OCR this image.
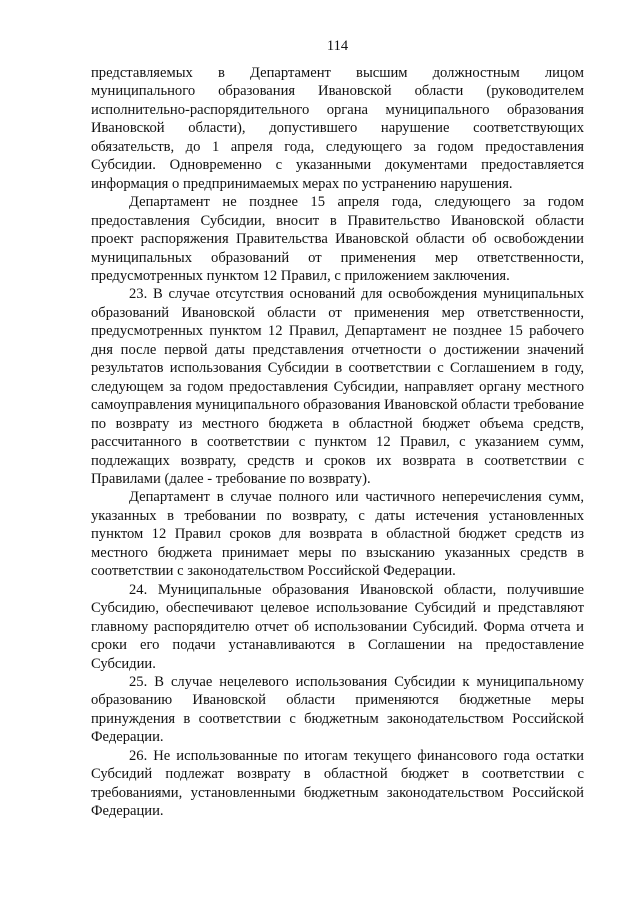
114

представляемых в Департамент высшим должностным лицом муниципального образования Ивановской области (руководителем исполнительно-распорядительного органа муниципального образования Ивановской области), допустившего нарушение соответствующих обязательств, до 1 апреля года, следующего за годом предоставления Субсидии. Одновременно с указанными документами предоставляется информация о предпринимаемых мерах по устранению нарушения.

Департамент не позднее 15 апреля года, следующего за годом предоставления Субсидии, вносит в Правительство Ивановской области проект распоряжения Правительства Ивановской области об освобождении муниципальных образований от применения мер ответственности, предусмотренных пунктом 12 Правил, с приложением заключения.

23. В случае отсутствия оснований для освобождения муниципальных образований Ивановской области от применения мер ответственности, предусмотренных пунктом 12 Правил, Департамент не позднее 15 рабочего дня после первой даты представления отчетности о достижении значений результатов использования Субсидии в соответствии с Соглашением в году, следующем за годом предоставления Субсидии, направляет органу местного самоуправления муниципального образования Ивановской области требование по возврату из местного бюджета в областной бюджет объема средств, рассчитанного в соответствии с пунктом 12 Правил, с указанием сумм, подлежащих возврату, средств и сроков их возврата в соответствии с Правилами (далее - требование по возврату).

Департамент в случае полного или частичного неперечисления сумм, указанных в требовании по возврату, с даты истечения установленных пунктом 12 Правил сроков для возврата в областной бюджет средств из местного бюджета принимает меры по взысканию указанных средств в соответствии с законодательством Российской Федерации.

24. Муниципальные образования Ивановской области, получившие Субсидию, обеспечивают целевое использование Субсидий и представляют главному распорядителю отчет об использовании Субсидий. Форма отчета и сроки его подачи устанавливаются в Соглашении на предоставление Субсидии.

25. В случае нецелевого использования Субсидии к муниципальному образованию Ивановской области применяются бюджетные меры принуждения в соответствии с бюджетным законодательством Российской Федерации.

26. Не использованные по итогам текущего финансового года остатки Субсидий подлежат возврату в областной бюджет в соответствии с требованиями, установленными бюджетным законодательством Российской Федерации.
